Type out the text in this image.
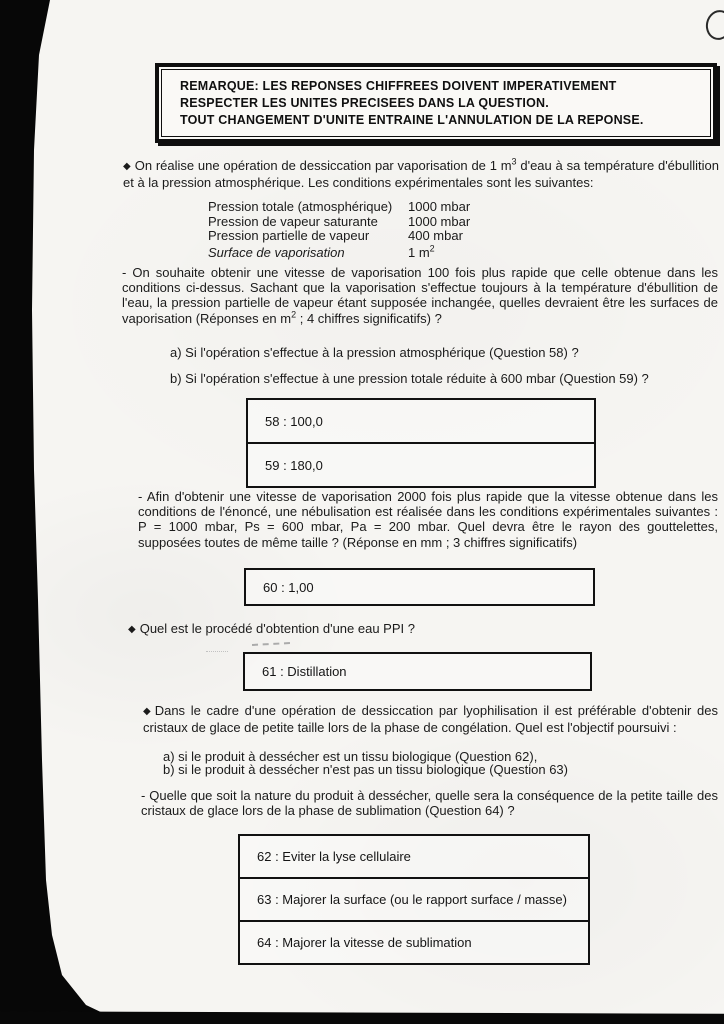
REMARQUE: LES REPONSES CHIFFREES DOIVENT IMPERATIVEMENT
RESPECTER LES UNITES PRECISEES DANS LA QUESTION.
TOUT CHANGEMENT D'UNITE ENTRAINE L'ANNULATION DE LA REPONSE.
◆ On réalise une opération de dessiccation par vaporisation de 1 $m^3$ d'eau à sa température d'ébullition et à la pression atmosphérique. Les conditions expérimentales sont les suivantes:
Pression totale (atmosphérique)	1000 mbar
Pression de vapeur saturante	1000 mbar
Pression partielle de vapeur	400 mbar
Surface de vaporisation	1 $m^2$
- On souhaite obtenir une vitesse de vaporisation 100 fois plus rapide que celle obtenue dans les conditions ci-dessus. Sachant que la vaporisation s'effectue toujours à la température d'ébullition de l'eau, la pression partielle de vapeur étant supposée inchangée, quelles devraient être les surfaces de vaporisation (Réponses en $m^2$ ; 4 chiffres significatifs) ?
a) Si l'opération s'effectue à la pression atmosphérique (Question 58) ?
b) Si l'opération s'effectue à une pression totale réduite à 600 mbar (Question 59) ?
58 : 100,0
59 : 180,0
- Afin d'obtenir une vitesse de vaporisation 2000 fois plus rapide que la vitesse obtenue dans les conditions de l'énoncé, une nébulisation est réalisée dans les conditions expérimentales suivantes : P = 1000 mbar, Ps = 600 mbar, Pa = 200 mbar. Quel devra être le rayon des gouttelettes, supposées toutes de même taille ? (Réponse en mm ; 3 chiffres significatifs)
60 : 1,00
◆ Quel est le procédé d'obtention d'une eau PPI ?
61 : Distillation
◆ Dans le cadre d'une opération de dessiccation par lyophilisation il est préférable d'obtenir des cristaux de glace de petite taille lors de la phase de congélation. Quel est l'objectif poursuivi :
a) si le produit à dessécher est un tissu biologique (Question 62),
b) si le produit à dessécher n'est pas un tissu biologique (Question 63)
- Quelle que soit la nature du produit à dessécher, quelle sera la conséquence de la petite taille des cristaux de glace lors de la phase de sublimation (Question 64) ?
62 : Eviter la lyse cellulaire
63 : Majorer la surface (ou le rapport surface / masse)
64 : Majorer la vitesse de sublimation
